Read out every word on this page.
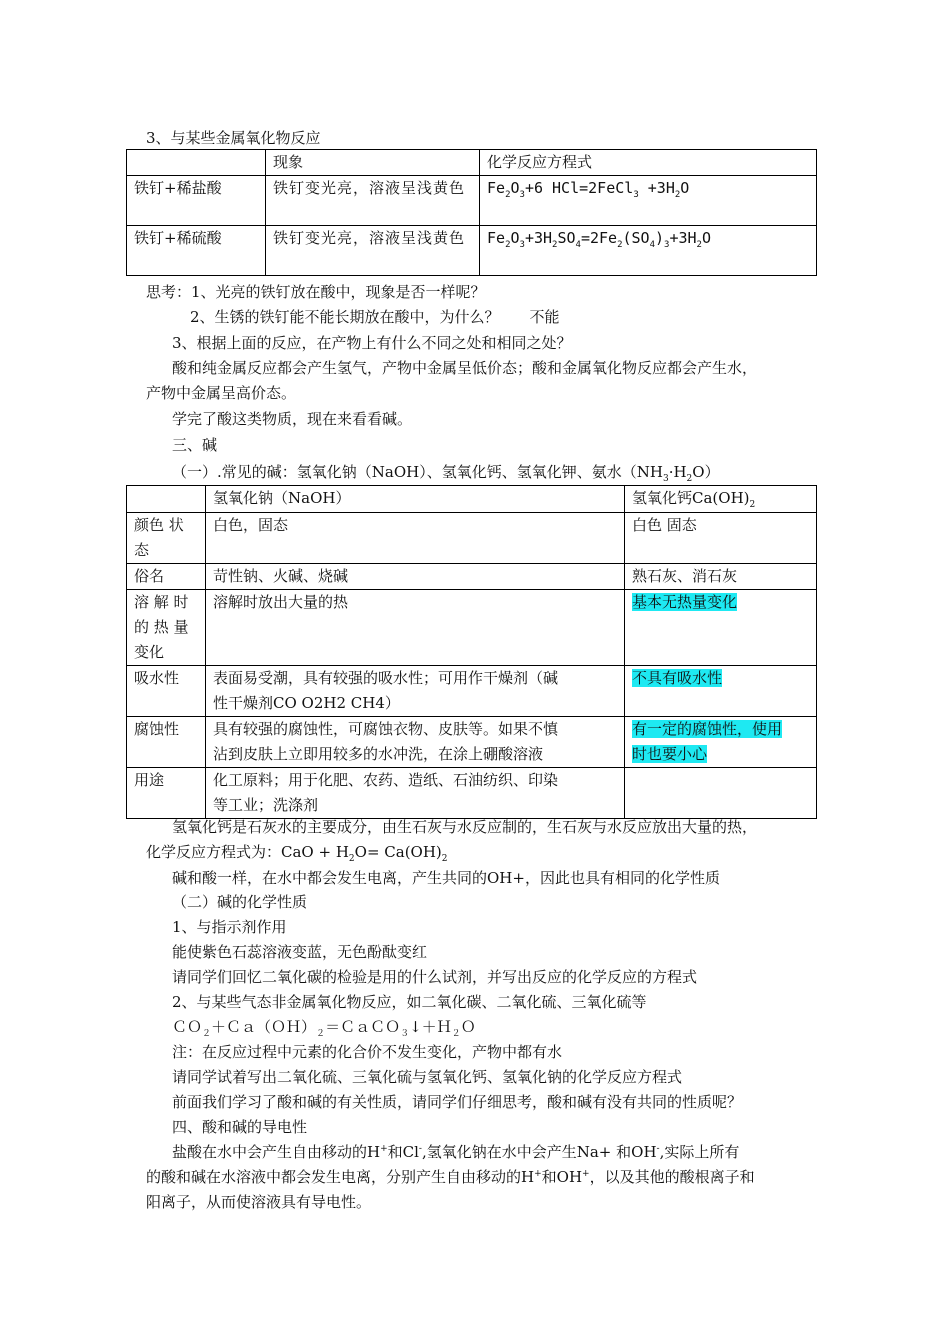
3、与某些金属氧化物反应
	现象	化学反应方程式
铁钉+稀盐酸	铁钉变光亮，溶液呈浅黄色	$Fe_2O_3+6$ HCl=2FeCl$_3$ $+3H_2O$
铁钉+稀硫酸	铁钉变光亮，溶液呈浅黄色	$Fe_2O_3+3H_2SO_4=2Fe_2(SO_4)_3+3H_2O$
思考：1、光亮的铁钉放在酸中，现象是否一样呢？
2、生锈的铁钉能不能长期放在酸中，为什么？ 不能
3、根据上面的反应，在产物上有什么不同之处和相同之处？
酸和纯金属反应都会产生氢气，产物中金属呈低价态；酸和金属氧化物反应都会产生水，
产物中金属呈高价态。
学完了酸这类物质，现在来看看碱。
三、碱
（一）.常见的碱：氢氧化钠（NaOH）、氢氧化钙、氢氧化钾、氨水$(NH_3\cdot H_2O)$
	氢氧化钠（NaOH）	氢氧化钙$Ca(OH)_2$
颜色 状
态	白色，固态	白色 固态
俗名	苛性钠、火碱、烧碱	熟石灰、消石灰
溶 解 时
的 热 量
变化	溶解时放出大量的热	基本无热量变化
吸水性	表面易受潮，具有较强的吸水性；可用作干燥剂（碱
性干燥剂CO O2H2 CH4）	不具有吸水性
腐蚀性	具有较强的腐蚀性，可腐蚀衣物、皮肤等。如果不慎
沾到皮肤上立即用较多的水冲洗，在涂上硼酸溶液	有一定的腐蚀性，使用
时也要小心
用途	化工原料；用于化肥、农药、造纸、石油纺织、印染
等工业；洗涤剂	
氢氧化钙是石灰水的主要成分，由生石灰与水反应制的，生石灰与水反应放出大量的热，
化学反应方程式为：CaO + $H_2O= Ca(OH)_2$
碱和酸一样，在水中都会发生电离，产生共同的OH+，因此也具有相同的化学性质
（二）碱的化学性质
1、与指示剂作用
能使紫色石蕊溶液变蓝，无色酚酞变红
请同学们回忆二氧化碳的检验是用的什么试剂，并写出反应的化学反应的方程式
2、与某些气态非金属氧化物反应，如二氧化碳、二氧化硫、三氧化硫等
$CO_2+Ca(OH)_2=CaCO_3↓+H_2O$
注：在反应过程中元素的化合价不发生变化，产物中都有水
请同学试着写出二氧化硫、三氧化硫与氢氧化钙、氢氧化钠的化学反应方程式
前面我们学习了酸和碱的有关性质，请同学们仔细思考，酸和碱有没有共同的性质呢？
四、酸和碱的导电性
盐酸在水中会产生自由移动的H+和Cl-,氢氧化钠在水中会产生Na+ 和OH-,实际上所有
的酸和碱在水溶液中都会发生电离，分别产生自由移动的H+和OH+，以及其他的酸根离子和
阳离子，从而使溶液具有导电性。
